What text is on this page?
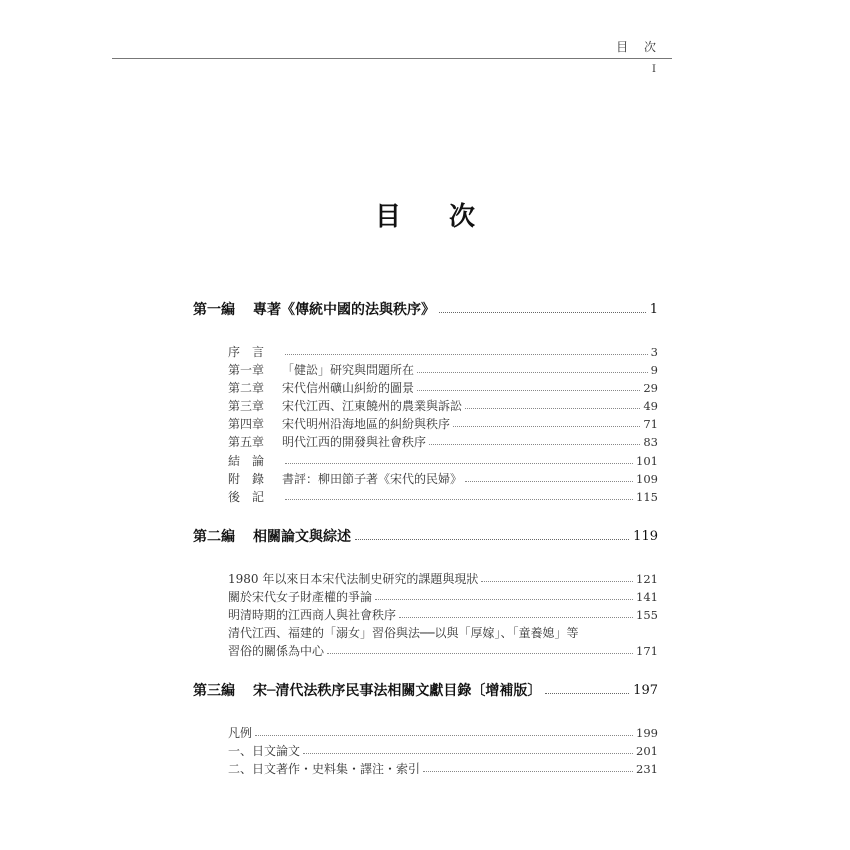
目 次
I
目次
第一編	專著《傳統中國的法與秩序》	1
序　言	3
第一章	「健訟」研究與問題所在	9
第二章	宋代信州礦山糾紛的圖景	29
第三章	宋代江西、江東饒州的農業與訴訟	49
第四章	宋代明州沿海地區的糾紛與秩序	71
第五章	明代江西的開發與社會秩序	83
結　論	101
附　錄	書評：柳田節子著《宋代的民婦》	109
後　記	115
第二編	相關論文與綜述	119
1980 年以來日本宋代法制史研究的課題與現狀	121
關於宋代女子財產權的爭論	141
明清時期的江西商人與社會秩序	155
清代江西、福建的「溺女」習俗與法──以與「厚嫁」、「童養媳」等
習俗的關係為中心	171
第三編	宋─清代法秩序民事法相關文獻目錄〔增補版〕	197
凡例	199
一、日文論文	201
二、日文著作・史料集・譯注・索引	231
